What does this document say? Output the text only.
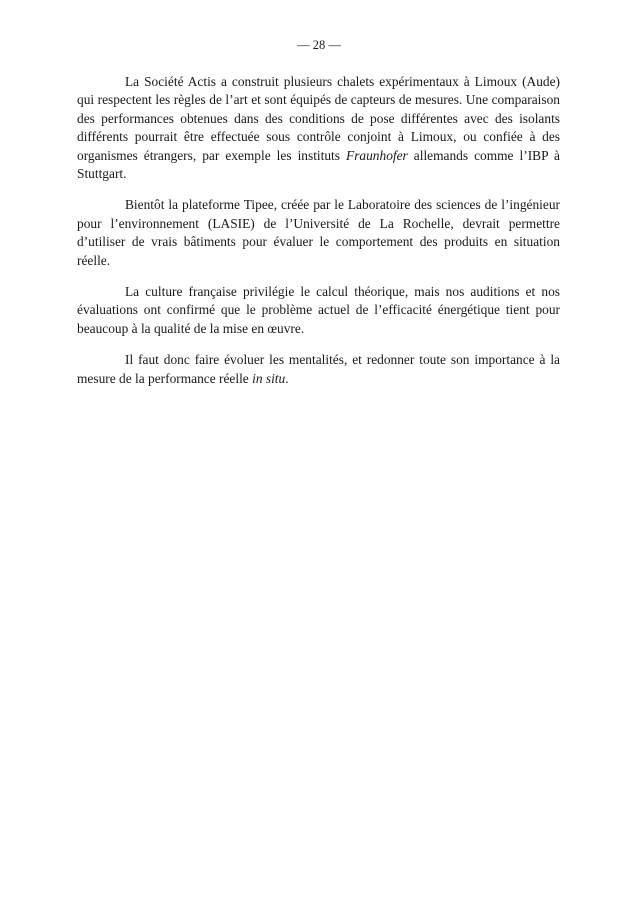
— 28 —

La Société Actis a construit plusieurs chalets expérimentaux à Limoux (Aude) qui respectent les règles de l’art et sont équipés de capteurs de mesures. Une comparaison des performances obtenues dans des conditions de pose différentes avec des isolants différents pourrait être effectuée sous contrôle conjoint à Limoux, ou confiée à des organismes étrangers, par exemple les instituts Fraunhofer allemands comme l’IBP à Stuttgart.

Bientôt la plateforme Tipee, créée par le Laboratoire des sciences de l’ingénieur pour l’environnement (LASIE) de l’Université de La Rochelle, devrait permettre d’utiliser de vrais bâtiments pour évaluer le comportement des produits en situation réelle.

La culture française privilégie le calcul théorique, mais nos auditions et nos évaluations ont confirmé que le problème actuel de l’efficacité énergétique tient pour beaucoup à la qualité de la mise en œuvre.

Il faut donc faire évoluer les mentalités, et redonner toute son importance à la mesure de la performance réelle in situ.
